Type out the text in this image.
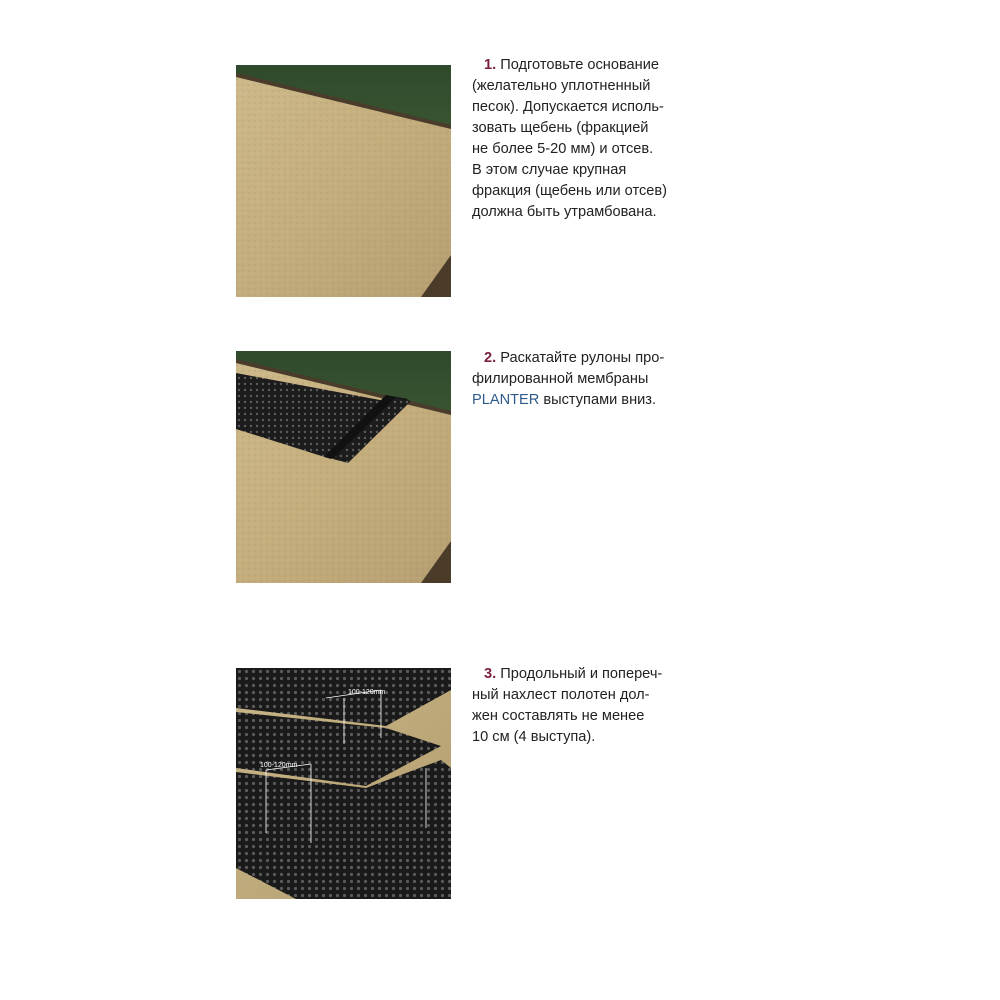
1. Подготовьте основание
(желательно уплотненный
песок). Допускается исполь-
зовать щебень (фракцией
не более 5-20 мм) и отсев.
В этом случае крупная
фракция (щебень или отсев)
должна быть утрамбована.

2. Раскатайте рулоны про-
филированной мембраны
PLANTER выступами вниз.

100-120mm
100-120mm

3. Продольный и попереч-
ный нахлест полотен дол-
жен составлять не менее
10 см (4 выступа).
